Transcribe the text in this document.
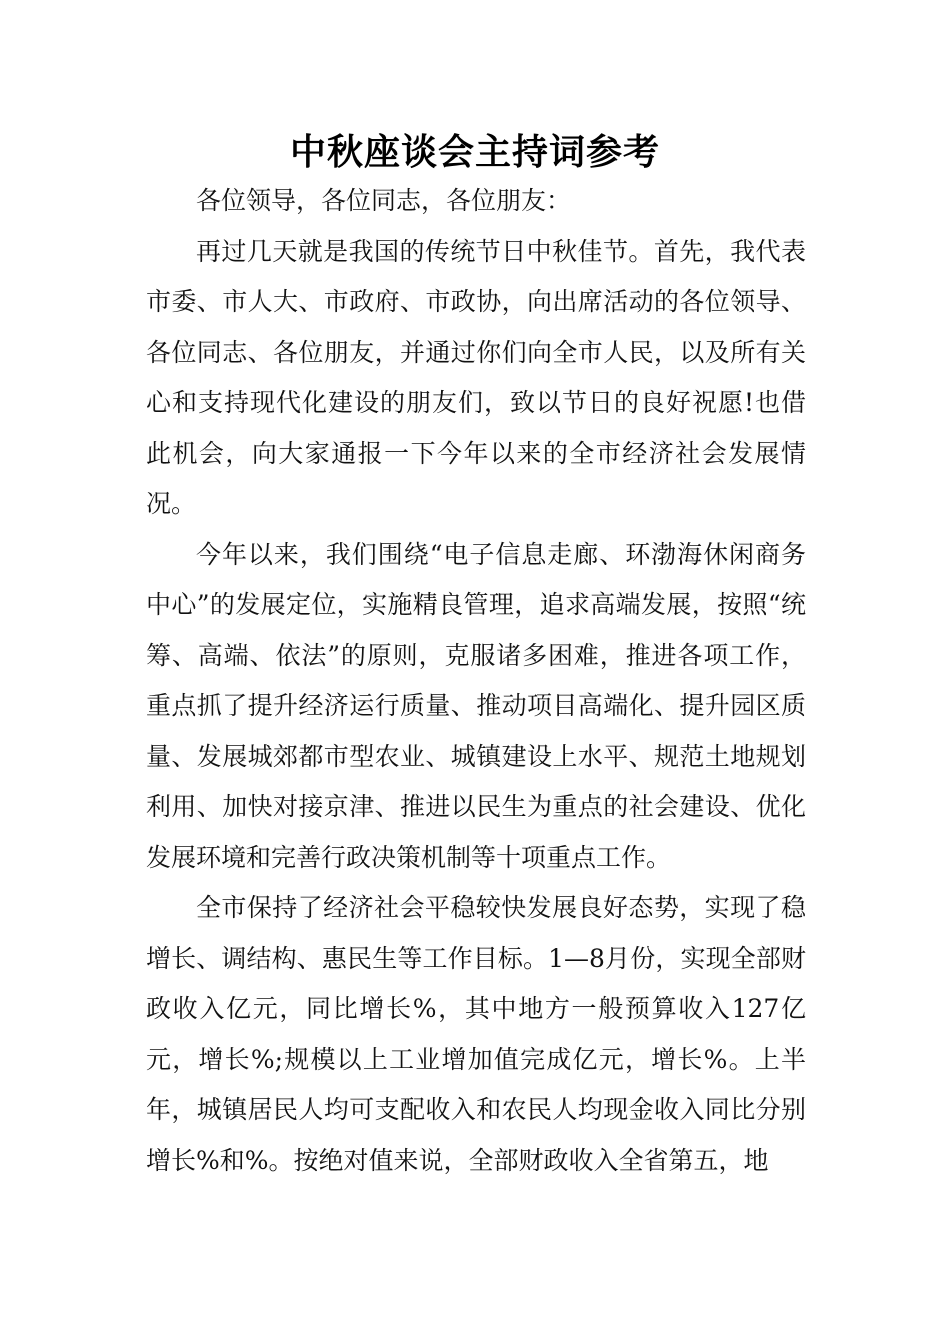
中秋座谈会主持词参考

各位领导，各位同志，各位朋友：

再过几天就是我国的传统节日中秋佳节。首先，我代表市委、市人大、市政府、市政协，向出席活动的各位领导、各位同志、各位朋友，并通过你们向全市人民，以及所有关心和支持现代化建设的朋友们，致以节日的良好祝愿!也借此机会，向大家通报一下今年以来的全市经济社会发展情况。

今年以来，我们围绕“电子信息走廊、环渤海休闲商务中心”的发展定位，实施精良管理，追求高端发展，按照“统筹、高端、依法”的原则，克服诸多困难，推进各项工作，重点抓了提升经济运行质量、推动项目高端化、提升园区质量、发展城郊都市型农业、城镇建设上水平、规范土地规划利用、加快对接京津、推进以民生为重点的社会建设、优化发展环境和完善行政决策机制等十项重点工作。

全市保持了经济社会平稳较快发展良好态势，实现了稳增长、调结构、惠民生等工作目标。1—8月份，实现全部财政收入亿元，同比增长%，其中地方一般预算收入127亿元，增长%;规模以上工业增加值完成亿元，增长%。上半年，城镇居民人均可支配收入和农民人均现金收入同比分别增长%和%。按绝对值来说，全部财政收入全省第五，地
